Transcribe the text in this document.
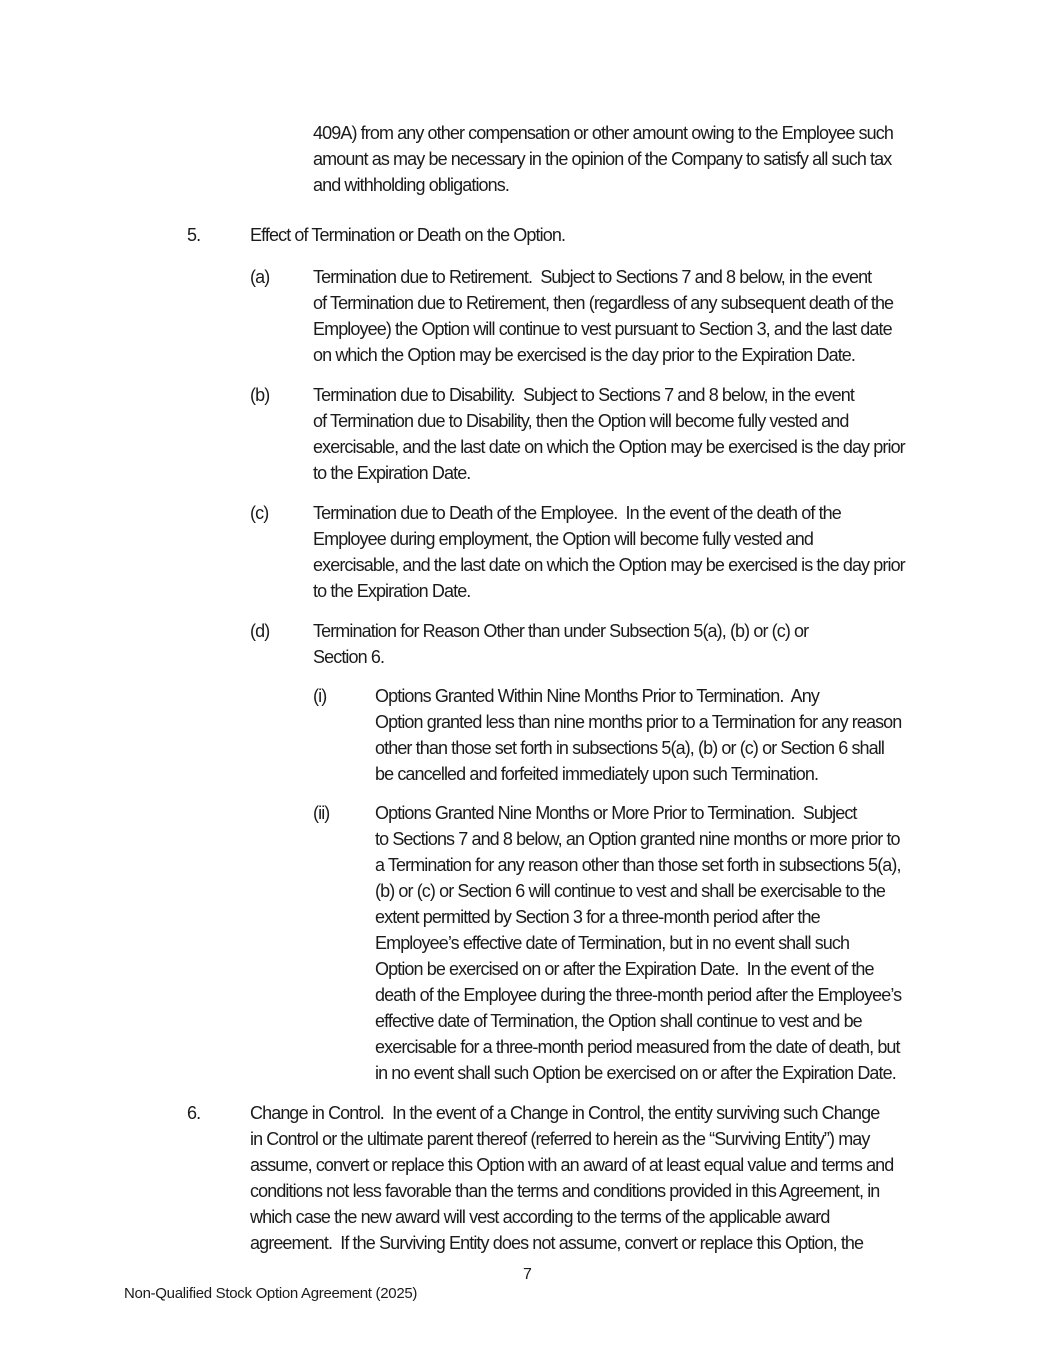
409A) from any other compensation or other amount owing to the Employee such
amount as may be necessary in the opinion of the Company to satisfy all such tax
and withholding obligations.
5.	Effect of Termination or Death on the Option.
(a)	Termination due to Retirement.  Subject to Sections 7 and 8 below, in the event
of Termination due to Retirement, then (regardless of any subsequent death of the
Employee) the Option will continue to vest pursuant to Section 3, and the last date
on which the Option may be exercised is the day prior to the Expiration Date.
(b)	Termination due to Disability.  Subject to Sections 7 and 8 below, in the event
of Termination due to Disability, then the Option will become fully vested and
exercisable, and the last date on which the Option may be exercised is the day prior
to the Expiration Date.
(c)	Termination due to Death of the Employee.  In the event of the death of the
Employee during employment, the Option will become fully vested and
exercisable, and the last date on which the Option may be exercised is the day prior
to the Expiration Date.
(d)	Termination for Reason Other than under Subsection 5(a), (b) or (c) or
Section 6.
(i)	Options Granted Within Nine Months Prior to Termination.  Any
Option granted less than nine months prior to a Termination for any reason
other than those set forth in subsections 5(a), (b) or (c) or Section 6 shall
be cancelled and forfeited immediately upon such Termination.
(ii)	Options Granted Nine Months or More Prior to Termination.  Subject
to Sections 7 and 8 below, an Option granted nine months or more prior to
a Termination for any reason other than those set forth in subsections 5(a),
(b) or (c) or Section 6 will continue to vest and shall be exercisable to the
extent permitted by Section 3 for a three-month period after the
Employee’s effective date of Termination, but in no event shall such
Option be exercised on or after the Expiration Date.  In the event of the
death of the Employee during the three-month period after the Employee’s
effective date of Termination, the Option shall continue to vest and be
exercisable for a three-month period measured from the date of death, but
in no event shall such Option be exercised on or after the Expiration Date.
6.	Change in Control.  In the event of a Change in Control, the entity surviving such Change
in Control or the ultimate parent thereof (referred to herein as the “Surviving Entity”) may
assume, convert or replace this Option with an award of at least equal value and terms and
conditions not less favorable than the terms and conditions provided in this Agreement, in
which case the new award will vest according to the terms of the applicable award
agreement.  If the Surviving Entity does not assume, convert or replace this Option, the
7
Non-Qualified Stock Option Agreement (2025)
